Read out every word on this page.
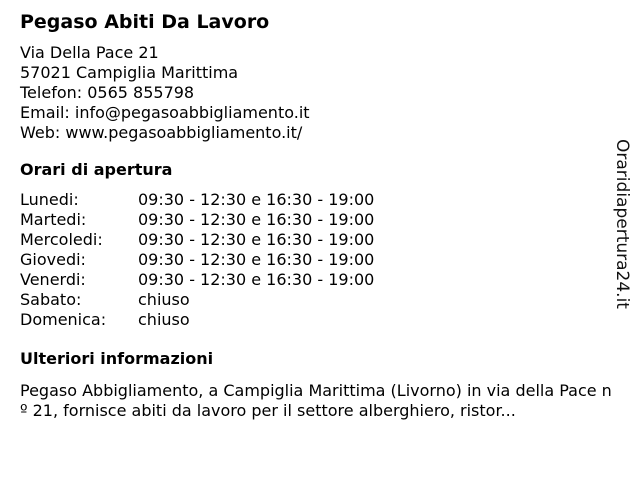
Pegaso Abiti Da Lavoro
Via Della Pace 21
57021 Campiglia Marittima
Telefon: 0565 855798
Email: info@pegasoabbigliamento.it
Web: www.pegasoabbigliamento.it/
Orari di apertura
Lunedi:	09:30 - 12:30 e 16:30 - 19:00
Martedi:	09:30 - 12:30 e 16:30 - 19:00
Mercoledi:	09:30 - 12:30 e 16:30 - 19:00
Giovedi:	09:30 - 12:30 e 16:30 - 19:00
Venerdi:	09:30 - 12:30 e 16:30 - 19:00
Sabato:	chiuso
Domenica:	chiuso
Ulteriori informazioni
Pegaso Abbigliamento, a Campiglia Marittima (Livorno) in via della Pace nº 21, fornisce abiti da lavoro per il settore alberghiero, ristor...
Oraridiapertura24.it
